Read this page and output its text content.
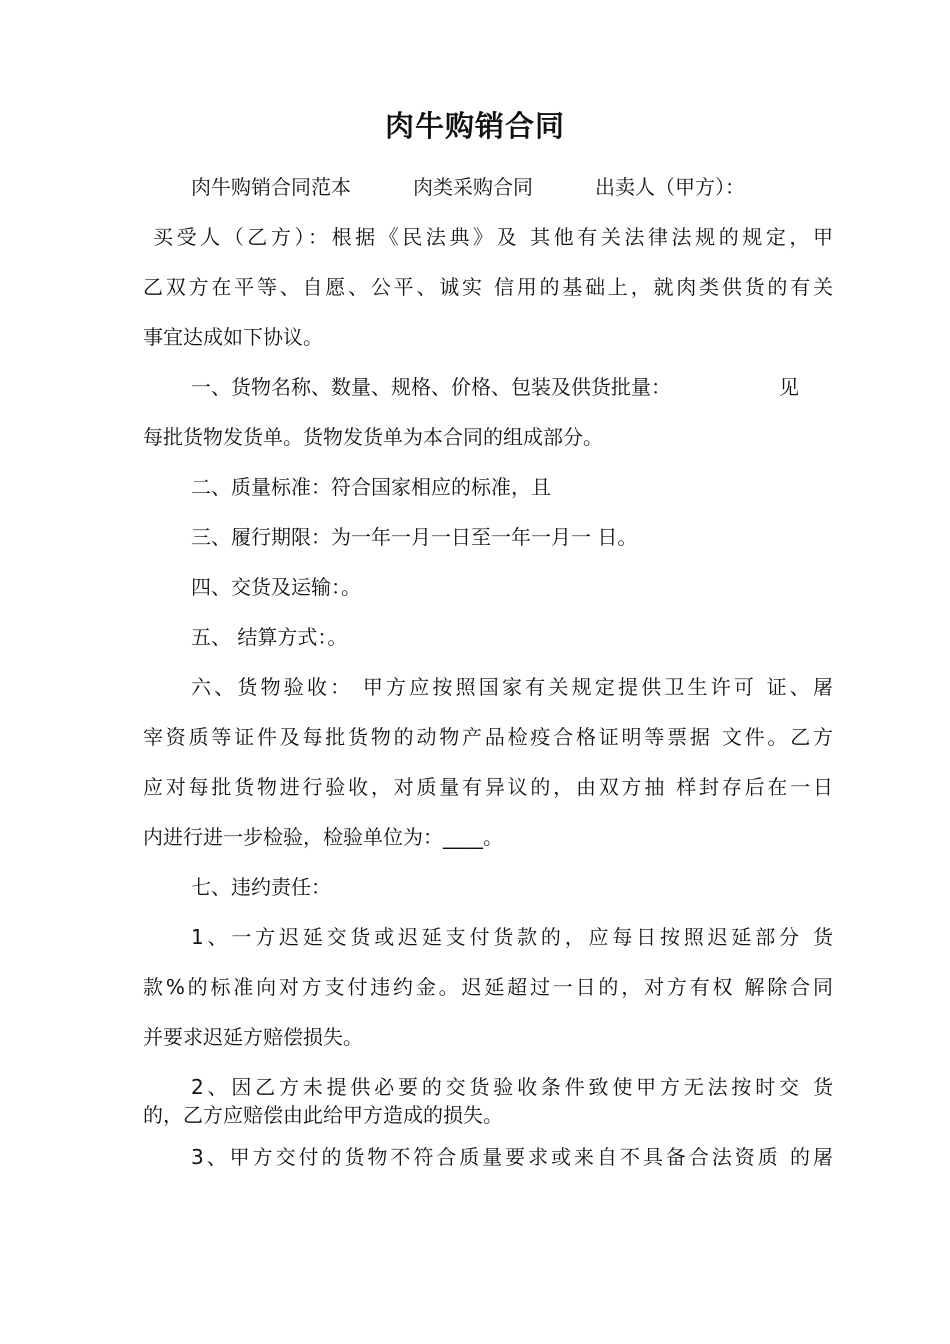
肉牛购销合同
肉牛购销合同范本	肉类采购合同	出卖人（甲方）：

买受人（乙方）：根据《民法典》及 其他有关法律法规的规定，甲

乙双方在平等、自愿、公平、诚实 信用的基础上，就肉类供货的有关

事宜达成如下协议。

一、货物名称、数量、规格、价格、包装及供货批量：	见

每批货物发货单。货物发货单为本合同的组成部分。

二、质量标准：符合国家相应的标准，且

三、履行期限：为一年一月一日至一年一月一 日。

四、交货及运输：。

五、 结算方式：。

六、货物验收： 甲方应按照国家有关规定提供卫生许可 证、屠

宰资质等证件及每批货物的动物产品检疫合格证明等票据 文件。乙方

应对每批货物进行验收，对质量有异议的，由双方抽 样封存后在一日

内进行进一步检验，检验单位为：____。

七、违约责任：

1、一方迟延交货或迟延支付货款的，应每日按照迟延部分 货

款%的标准向对方支付违约金。迟延超过一日的，对方有权 解除合同

并要求迟延方赔偿损失。

2、因乙方未提供必要的交货验收条件致使甲方无法按时交 货

的，乙方应赔偿由此给甲方造成的损失。

3、甲方交付的货物不符合质量要求或来自不具备合法资质 的屠
